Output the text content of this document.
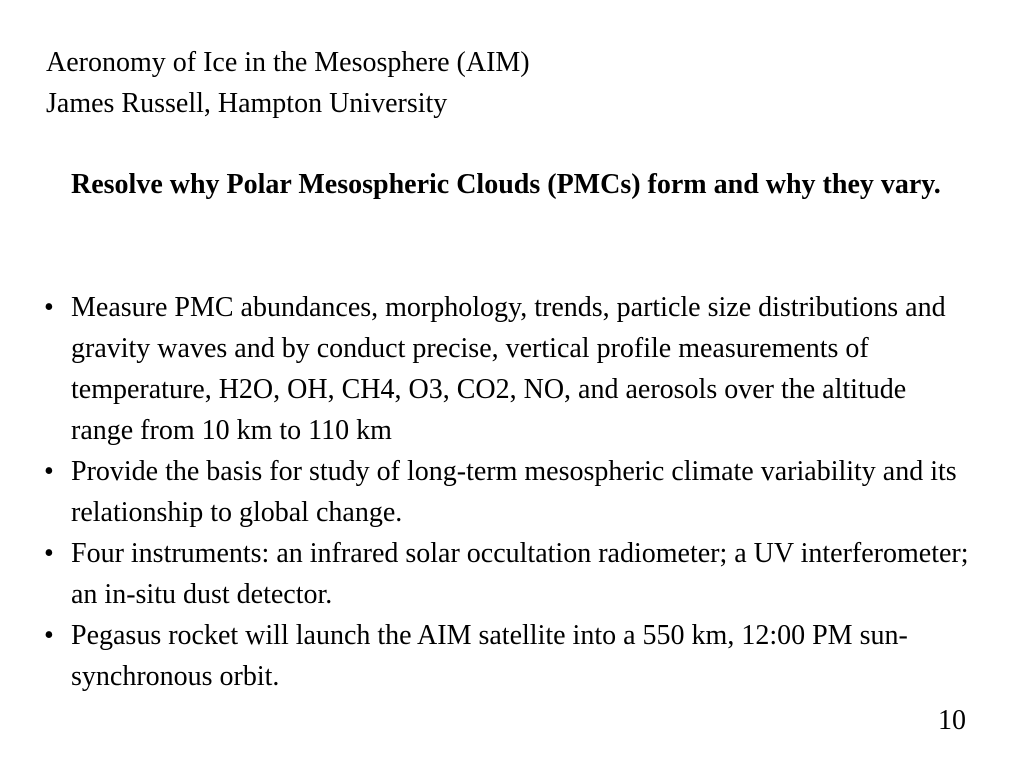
Aeronomy of Ice in the Mesosphere (AIM)
James Russell, Hampton University
Resolve why Polar Mesospheric Clouds (PMCs) form and why they vary.
• Measure PMC abundances, morphology, trends, particle size distributions and gravity waves and by conduct precise, vertical profile measurements of temperature, H2O, OH, CH4, O3, CO2, NO, and aerosols over the altitude range from 10 km to 110 km
• Provide the basis for study of long-term mesospheric climate variability and its relationship to global change.
• Four instruments: an infrared solar occultation radiometer; a UV interferometer; an in-situ dust detector.
• Pegasus rocket will launch the AIM satellite into a 550 km, 12:00 PM sun-synchronous orbit.
10
